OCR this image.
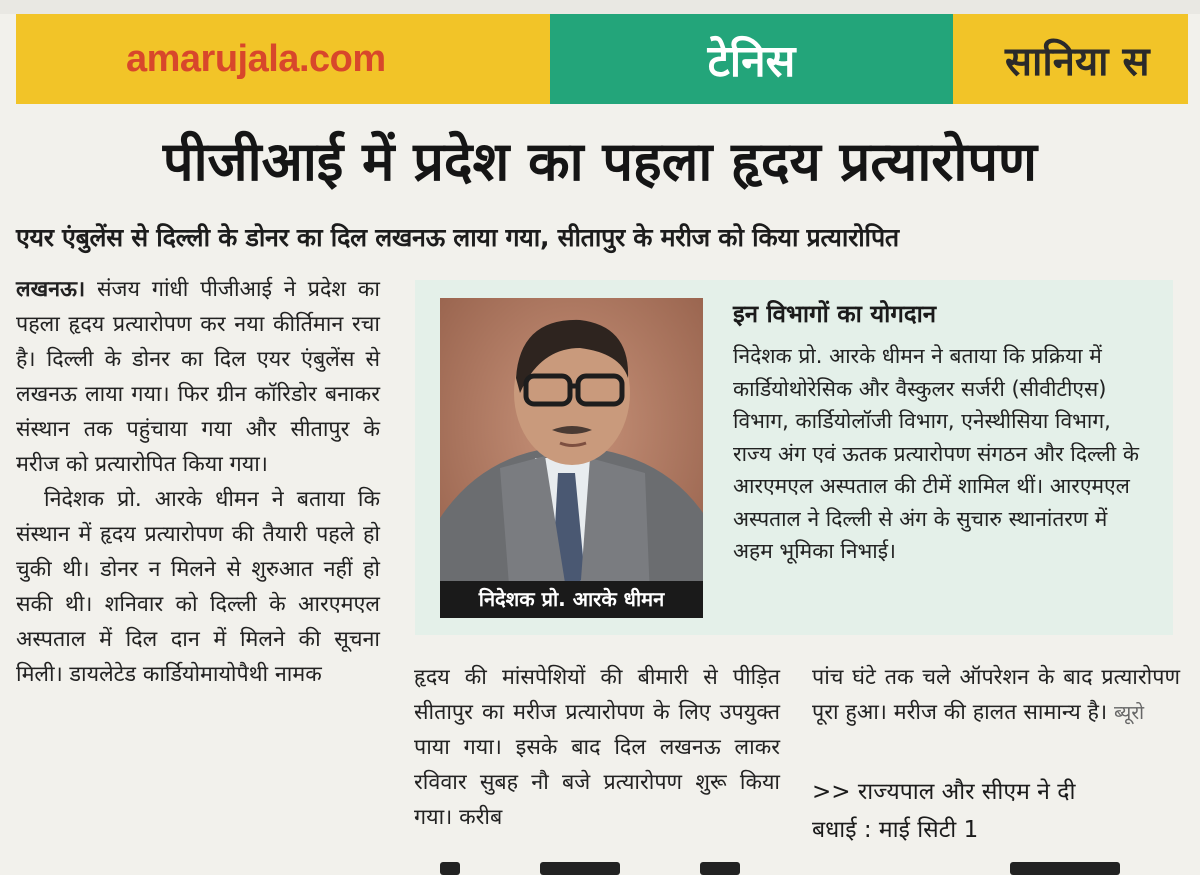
amarujala.com	टेनिस	सानिया स
पीजीआई में प्रदेश का पहला हृदय प्रत्यारोपण
एयर एंबुलेंस से दिल्ली के डोनर का दिल लखनऊ लाया गया, सीतापुर के मरीज को किया प्रत्यारोपित

लखनऊ। संजय गांधी पीजीआई ने प्रदेश का पहला हृदय प्रत्यारोपण कर नया कीर्तिमान रचा है। दिल्ली के डोनर का दिल एयर एंबुलेंस से लखनऊ लाया गया। फिर ग्रीन कॉरिडोर बनाकर संस्थान तक पहुंचाया गया और सीतापुर के मरीज को प्रत्यारोपित किया गया।

निदेशक प्रो. आरके धीमन ने बताया कि संस्थान में हृदय प्रत्यारोपण की तैयारी पहले हो चुकी थी। डोनर न मिलने से शुरुआत नहीं हो सकी थी। शनिवार को दिल्ली के आरएमएल अस्पताल में दिल दान में मिलने की सूचना मिली। डायलेटेड कार्डियोमायोपैथी नामक

निदेशक प्रो. आरके धीमन
इन विभागों का योगदान

निदेशक प्रो. आरके धीमन ने बताया कि प्रक्रिया में कार्डियोथोरेसिक और वैस्कुलर सर्जरी (सीवीटीएस) विभाग, कार्डियोलॉजी विभाग, एनेस्थीसिया विभाग, राज्य अंग एवं ऊतक प्रत्यारोपण संगठन और दिल्ली के आरएमएल अस्पताल की टीमें शामिल थीं। आरएमएल अस्पताल ने दिल्ली से अंग के सुचारु स्थानांतरण में अहम भूमिका निभाई।

हृदय की मांसपेशियों की बीमारी से पीड़ित सीतापुर का मरीज प्रत्यारोपण के लिए उपयुक्त पाया गया। इसके बाद दिल लखनऊ लाकर रविवार सुबह नौ बजे प्रत्यारोपण शुरू किया गया। करीब

पांच घंटे तक चले ऑपरेशन के बाद प्रत्यारोपण पूरा हुआ। मरीज की हालत सामान्य है। ब्यूरो

>> राज्यपाल और सीएम ने दी

बधाई : माई सिटी 1
